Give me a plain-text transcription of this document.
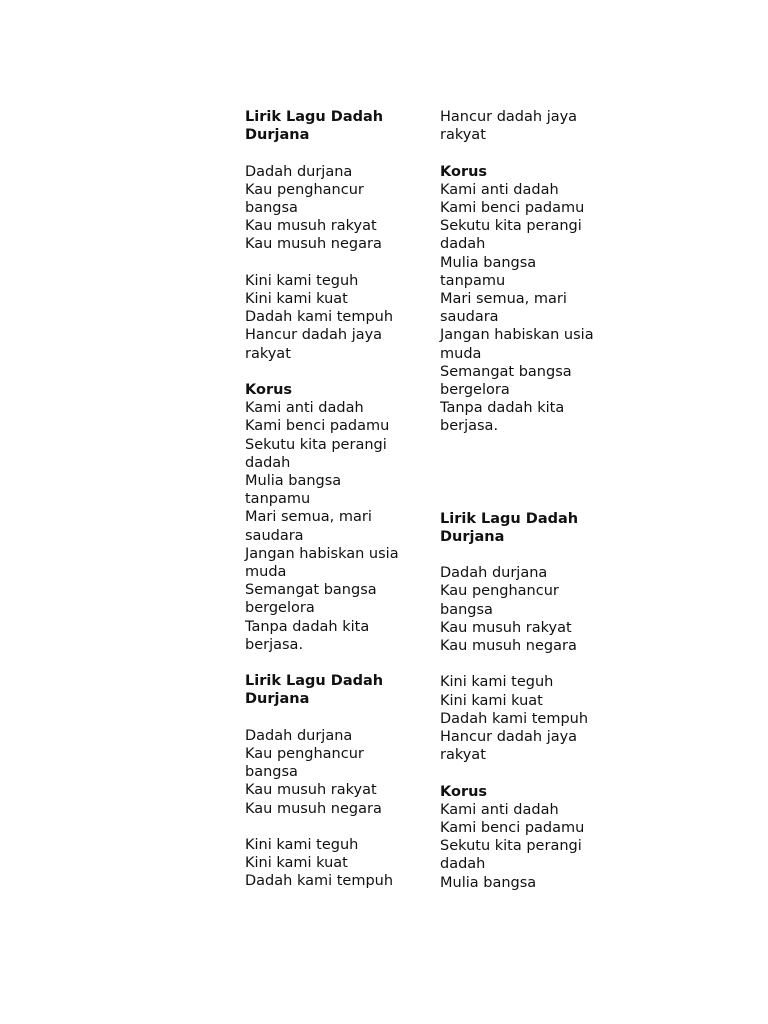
Lirik Lagu Dadah Durjana
Dadah durjana
Kau penghancur bangsa
Kau musuh rakyat
Kau musuh negara
Kini kami teguh
Kini kami kuat
Dadah kami tempuh
Hancur dadah jaya rakyat
Korus
Kami anti dadah
Kami benci padamu
Sekutu kita perangi dadah
Mulia bangsa tanpamu
Mari semua, mari saudara
Jangan habiskan usia muda
Semangat bangsa bergelora
Tanpa dadah kita berjasa.
Lirik Lagu Dadah Durjana
Dadah durjana
Kau penghancur bangsa
Kau musuh rakyat
Kau musuh negara
Kini kami teguh
Kini kami kuat
Dadah kami tempuh
Hancur dadah jaya rakyat
Korus
Kami anti dadah
Kami benci padamu
Sekutu kita perangi dadah
Mulia bangsa tanpamu
Mari semua, mari saudara
Jangan habiskan usia muda
Semangat bangsa bergelora
Tanpa dadah kita berjasa.
Lirik Lagu Dadah Durjana
Dadah durjana
Kau penghancur bangsa
Kau musuh rakyat
Kau musuh negara
Kini kami teguh
Kini kami kuat
Dadah kami tempuh
Hancur dadah jaya rakyat
Korus
Kami anti dadah
Kami benci padamu
Sekutu kita perangi dadah
Mulia bangsa
